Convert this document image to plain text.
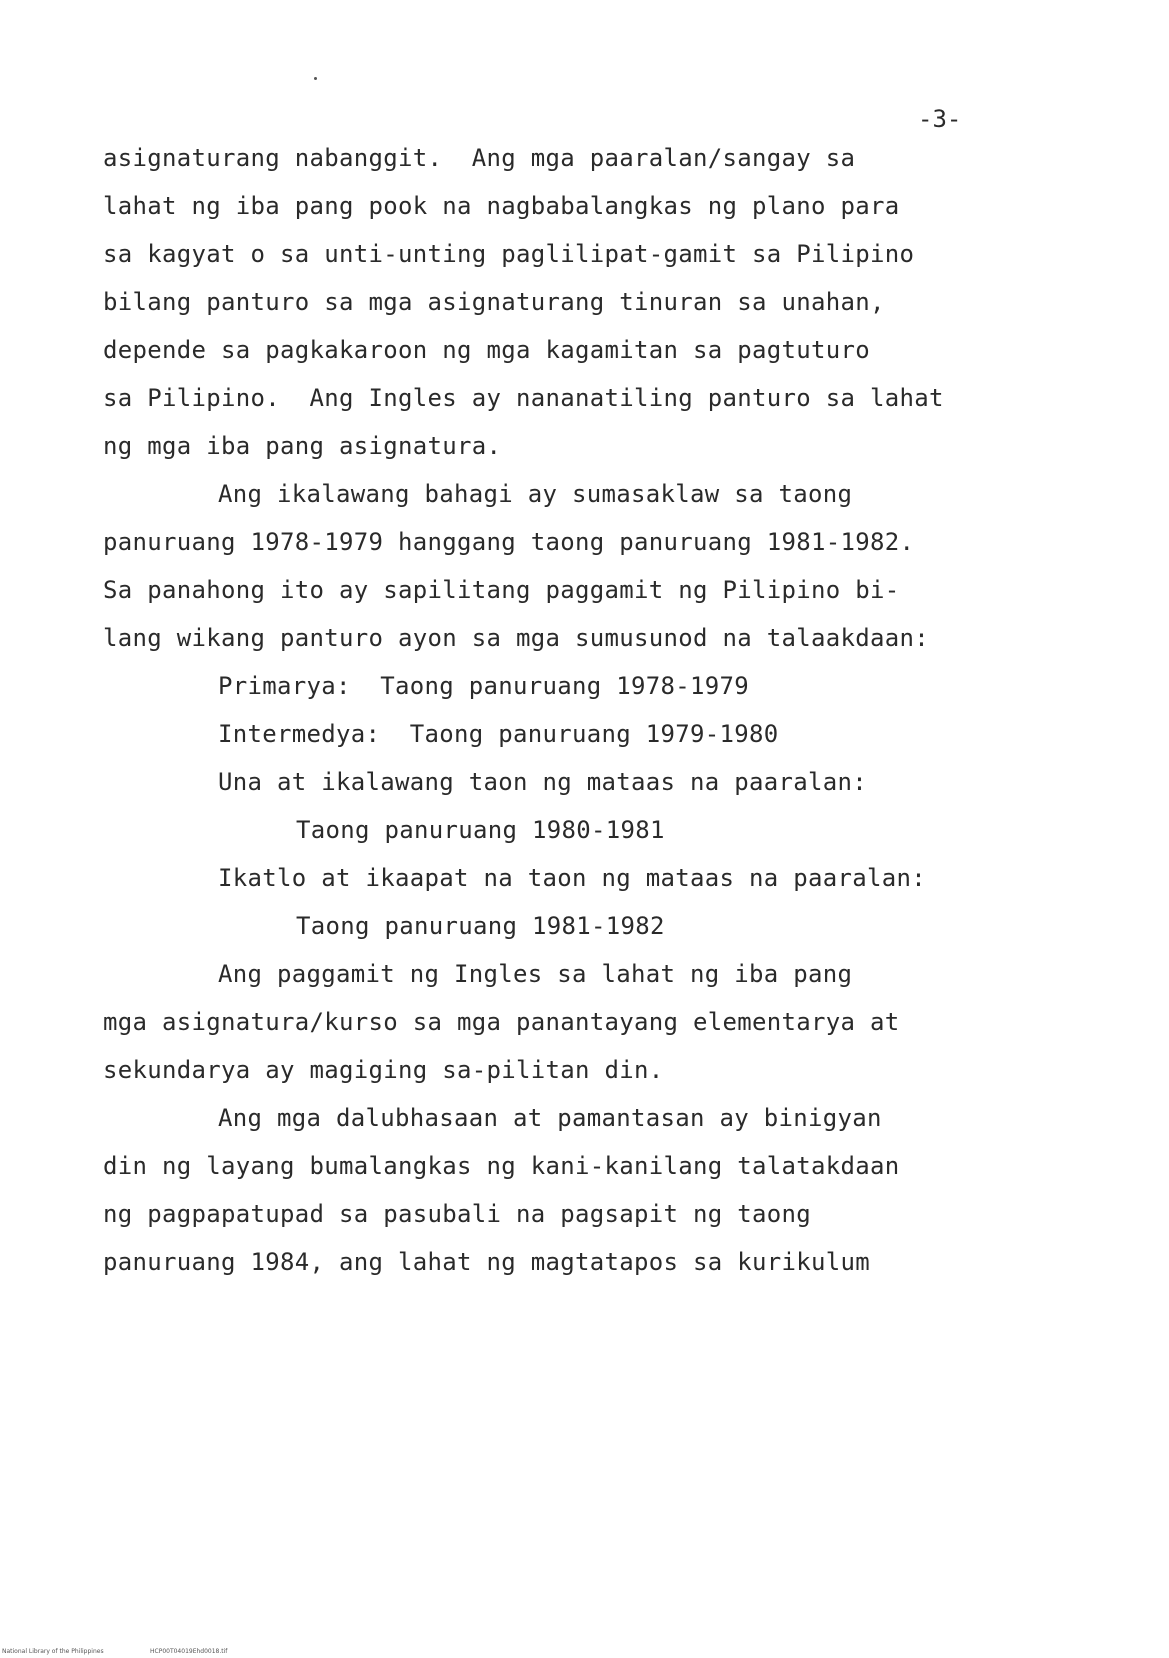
-3-
asignaturang nabanggit.  Ang mga paaralan/sangay sa
lahat ng iba pang pook na nagbabalangkas ng plano para
sa kagyat o sa unti-unting paglilipat-gamit sa Pilipino
bilang panturo sa mga asignaturang tinuran sa unahan,
depende sa pagkakaroon ng mga kagamitan sa pagtuturo
sa Pilipino.  Ang Ingles ay nananatiling panturo sa lahat
ng mga iba pang asignatura.
Ang ikalawang bahagi ay sumasaklaw sa taong
panuruang 1978-1979 hanggang taong panuruang 1981-1982.
Sa panahong ito ay sapilitang paggamit ng Pilipino bi-
lang wikang panturo ayon sa mga sumusunod na talaakdaan:
Primarya:  Taong panuruang 1978-1979
Intermedya:  Taong panuruang 1979-1980
Una at ikalawang taon ng mataas na paaralan:
Taong panuruang 1980-1981
Ikatlo at ikaapat na taon ng mataas na paaralan:
Taong panuruang 1981-1982
Ang paggamit ng Ingles sa lahat ng iba pang
mga asignatura/kurso sa mga panantayang elementarya at
sekundarya ay magiging sa-pilitan din.
Ang mga dalubhasaan at pamantasan ay binigyan
din ng layang bumalangkas ng kani-kanilang talatakdaan
ng pagpapatupad sa pasubali na pagsapit ng taong
panuruang 1984, ang lahat ng magtatapos sa kurikulum
National Library of the Philippines	HCP00T04019Ehd0018.tif
